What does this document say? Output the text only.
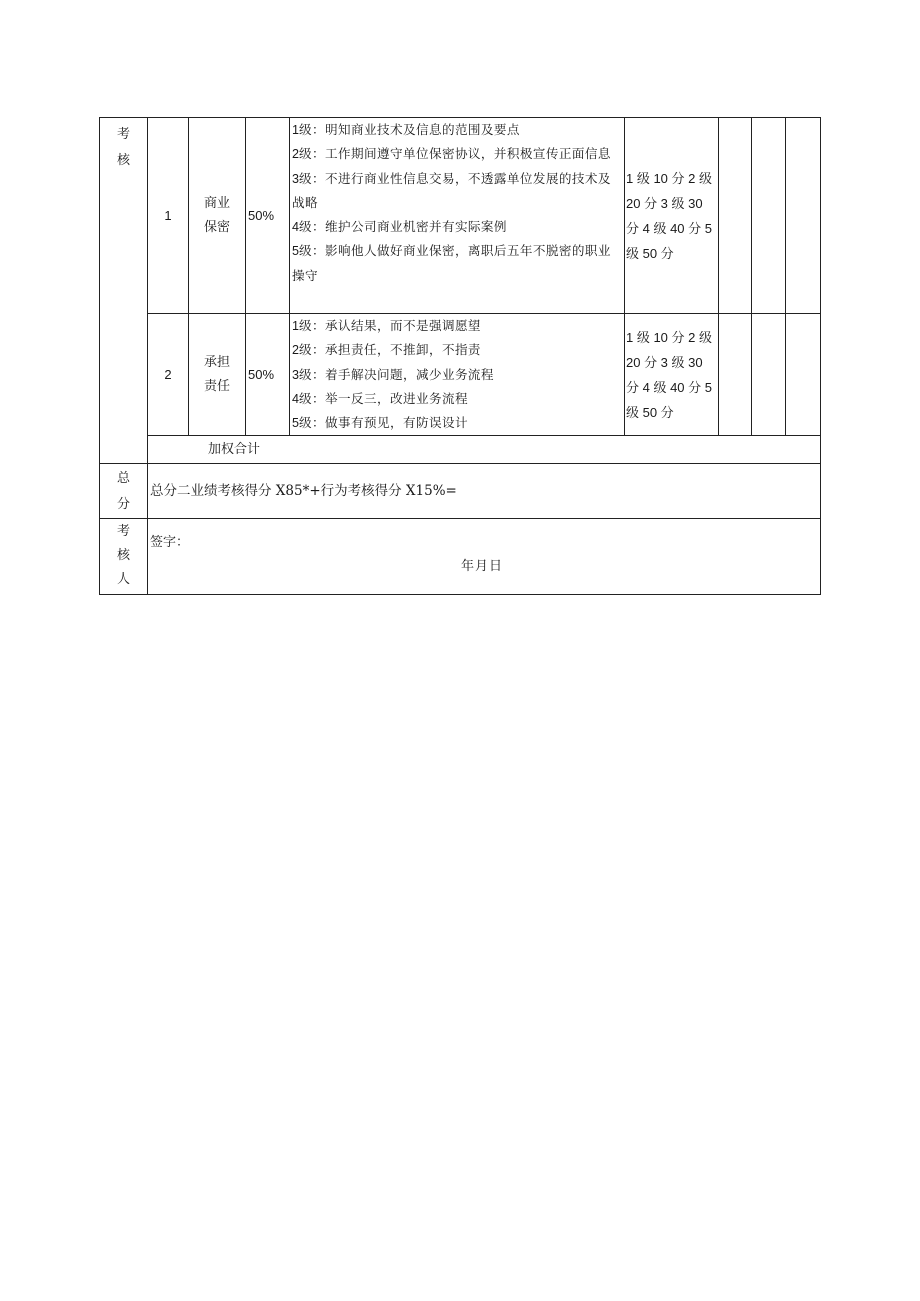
考
核	1	商业
保密	50%	1级：明知商业技术及信息的范围及要点
2级：工作期间遵守单位保密协议，并积极宣传正面信息
3级：不进行商业性信息交易，不透露单位发展的技术及战略
4级：维护公司商业机密并有实际案例
5级：影响他人做好商业保密，离职后五年不脱密的职业操守	1 级 10 分 2 级 20 分 3 级 30 分 4 级 40 分 5 级 50 分			
	2	承担
责任	50%	1级：承认结果，而不是强调愿望
2级：承担责任，不推卸，不指责
3级：着手解决问题，减少业务流程
4级：举一反三，改进业务流程
5级：做事有预见，有防误设计	1 级 10 分 2 级 20 分 3 级 30 分 4 级 40 分 5 级 50 分			
	加权合计							

总
分	总分二业绩考核得分 X85*+行为考核得分 X15%=							

考
核
人	签字：
年月日							
